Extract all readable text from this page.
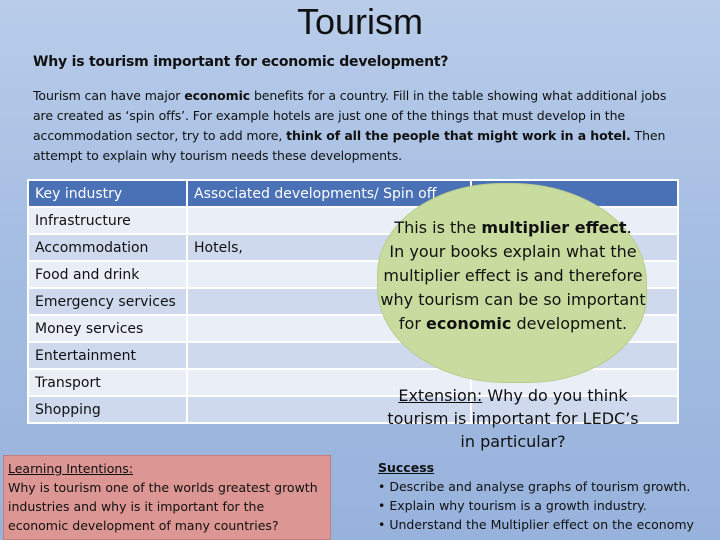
Tourism
Why is tourism important for economic development?
Tourism can have major economic benefits for a country. Fill in the table showing what additional jobs are created as ‘spin offs’. For example hotels are just one of the things that must develop in the accommodation sector, try to add more, think of all the people that might work in a hotel. Then attempt to explain why tourism needs these developments.
Key industry	Associated developments/ Spin off	
Infrastructure		
Accommodation	Hotels,	
Food and drink		
Emergency services		
Money services		
Entertainment		
Transport		
Shopping		
This is the multiplier effect.
In your books explain what the multiplier effect is and therefore why tourism can be so important for economic development.
Extension: Why do you think tourism is important for LEDC’s in particular?
Learning Intentions:
Why is tourism one of the worlds greatest growth industries and why is it important for the economic development of many countries?
Success
• Describe and analyse graphs of tourism growth.
• Explain why tourism is a growth industry.
• Understand the Multiplier effect on the economy
